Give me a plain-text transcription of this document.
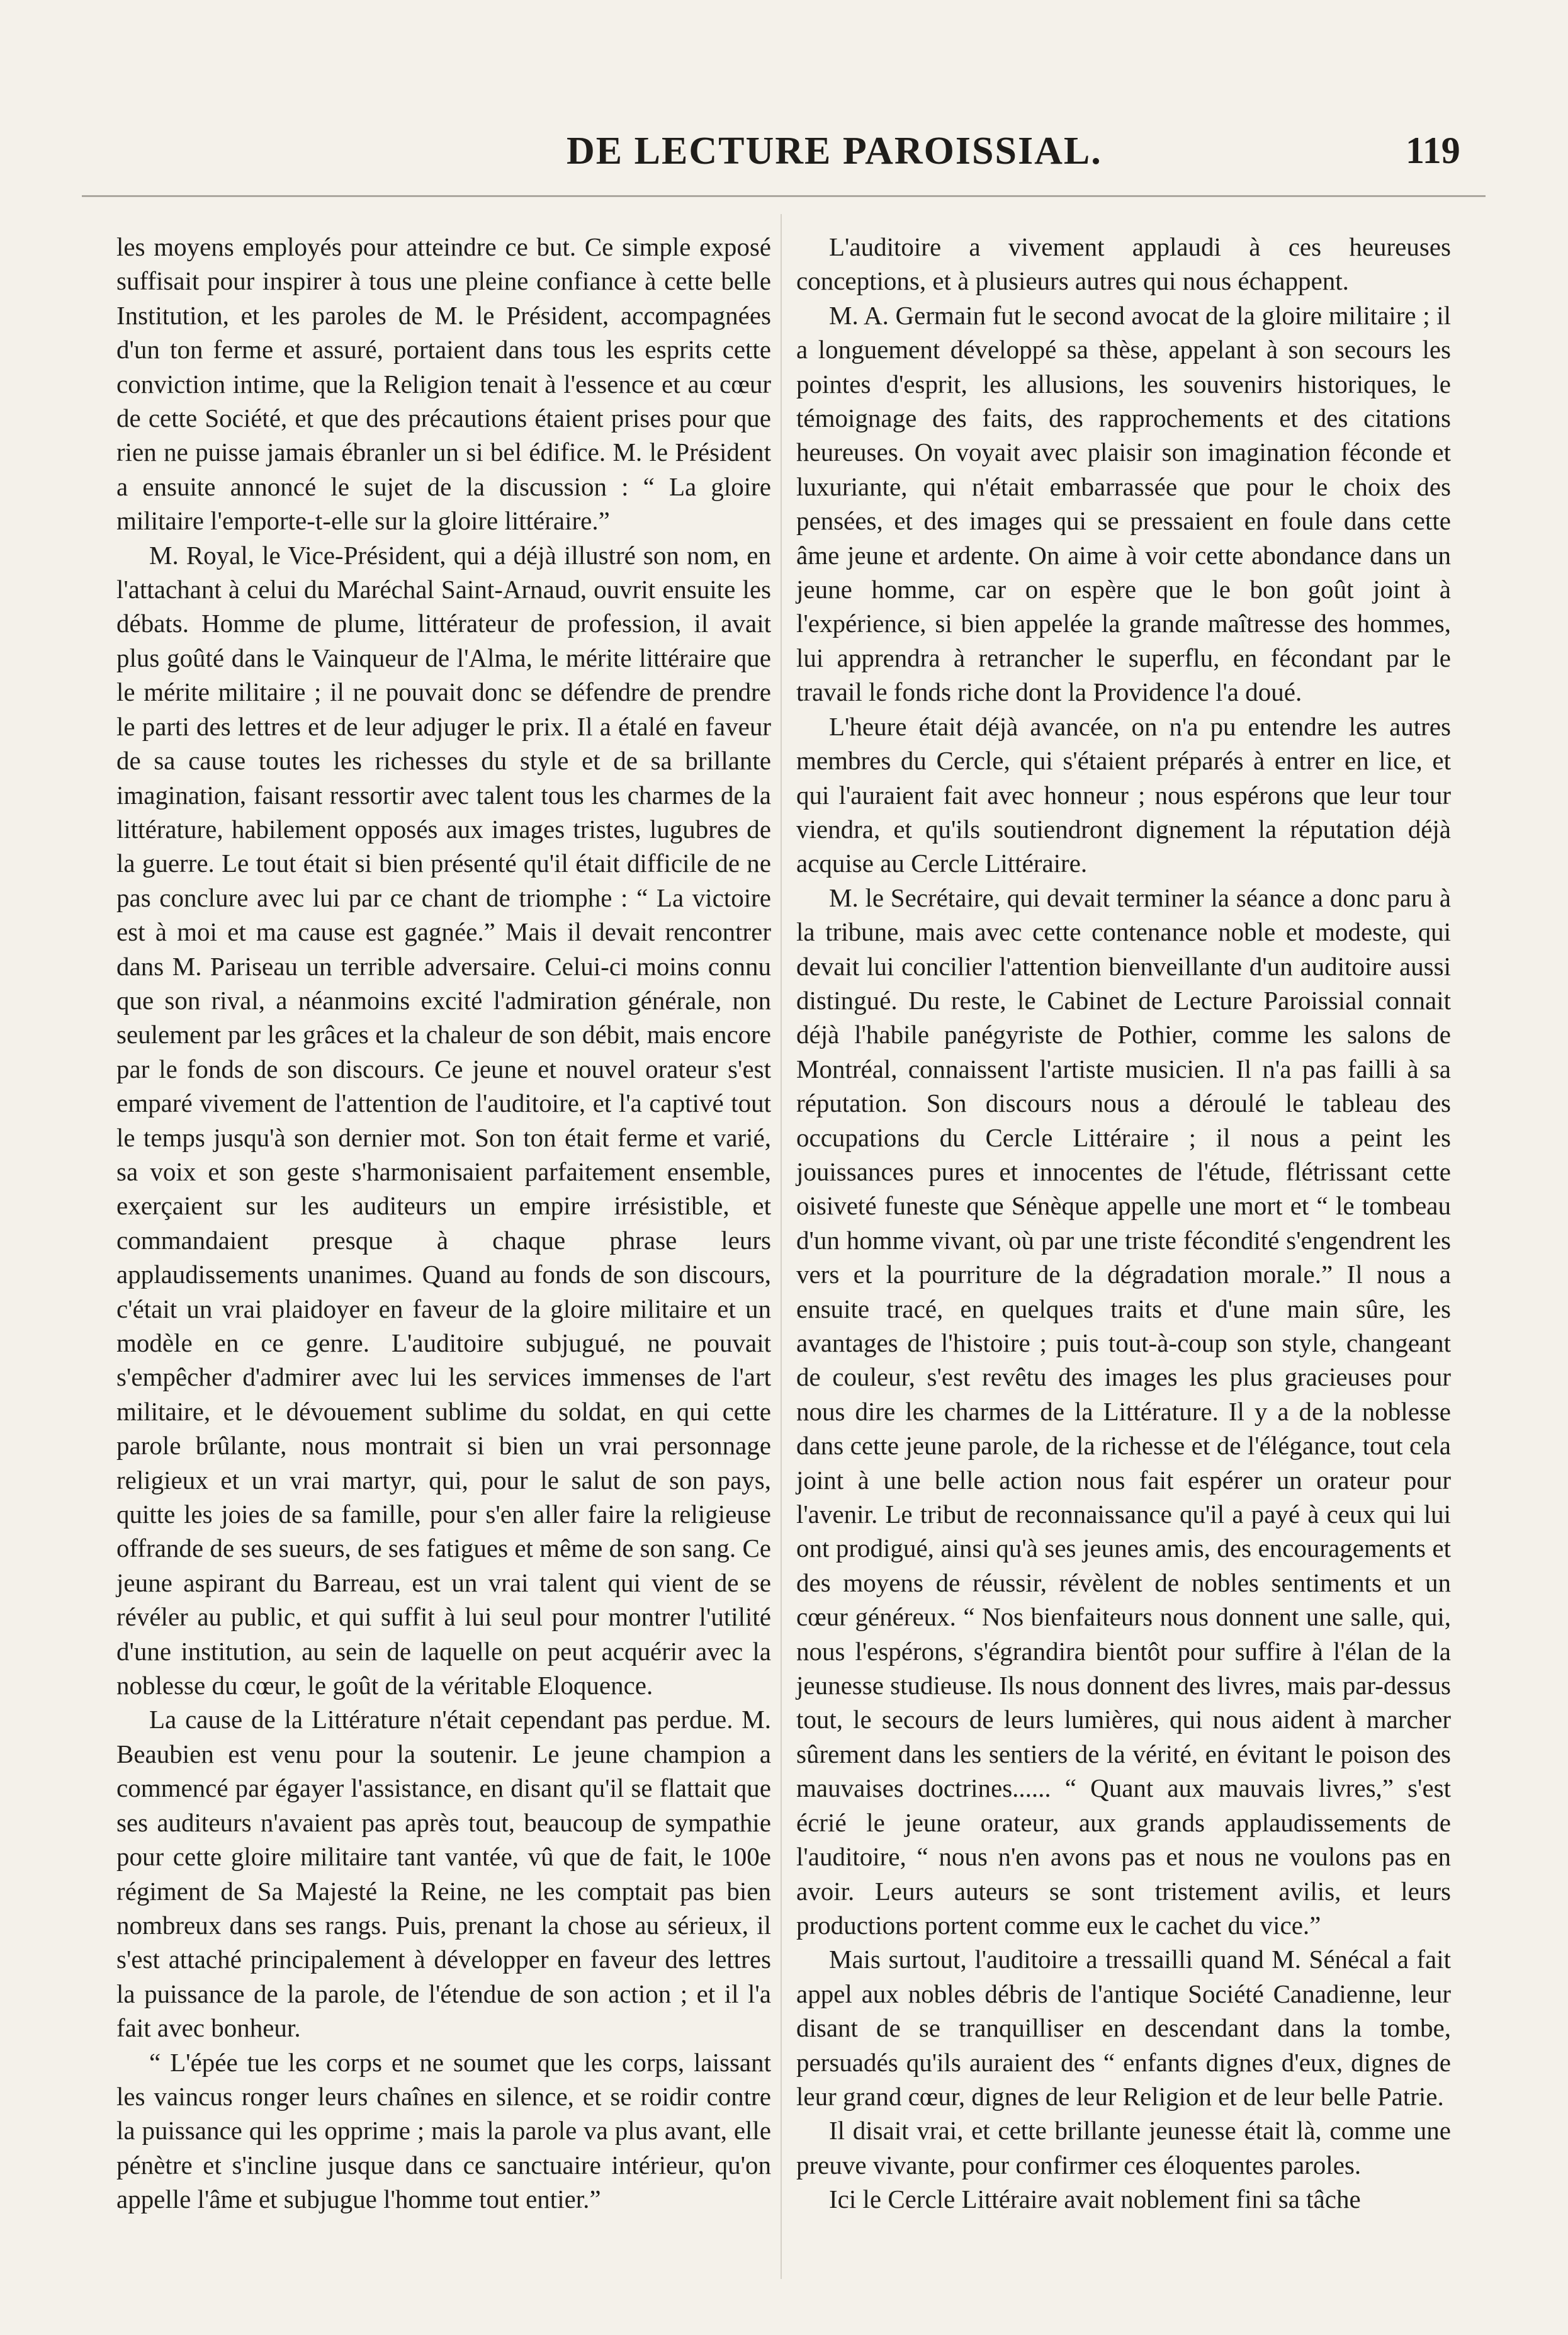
DE LECTURE PAROISSIAL.	119

les moyens employés pour atteindre ce but. Ce simple exposé suffisait pour inspirer à tous une pleine confiance à cette belle Institution, et les paroles de M. le Président, accompagnées d'un ton ferme et assuré, portaient dans tous les esprits cette conviction intime, que la Religion tenait à l'essence et au cœur de cette Société, et que des précautions étaient prises pour que rien ne puisse jamais ébranler un si bel édifice. M. le Président a ensuite annoncé le sujet de la discussion : “ La gloire militaire l'emporte-t-elle sur la gloire littéraire.”

M. Royal, le Vice-Président, qui a déjà illustré son nom, en l'attachant à celui du Maréchal Saint-Arnaud, ouvrit ensuite les débats. Homme de plume, littérateur de profession, il avait plus goûté dans le Vainqueur de l'Alma, le mérite littéraire que le mérite militaire ; il ne pouvait donc se défendre de prendre le parti des lettres et de leur adjuger le prix. Il a étalé en faveur de sa cause toutes les richesses du style et de sa brillante imagination, faisant ressortir avec talent tous les charmes de la littérature, habilement opposés aux images tristes, lugubres de la guerre. Le tout était si bien présenté qu'il était difficile de ne pas conclure avec lui par ce chant de triomphe : “ La victoire est à moi et ma cause est gagnée.” Mais il devait rencontrer dans M. Pariseau un terrible adversaire. Celui-ci moins connu que son rival, a néanmoins excité l'admiration générale, non seulement par les grâces et la chaleur de son débit, mais encore par le fonds de son discours. Ce jeune et nouvel orateur s'est emparé vivement de l'attention de l'auditoire, et l'a captivé tout le temps jusqu'à son dernier mot. Son ton était ferme et varié, sa voix et son geste s'harmonisaient parfaitement ensemble, exerçaient sur les auditeurs un empire irrésistible, et commandaient presque à chaque phrase leurs applaudissements unanimes. Quand au fonds de son discours, c'était un vrai plaidoyer en faveur de la gloire militaire et un modèle en ce genre. L'auditoire subjugué, ne pouvait s'empêcher d'admirer avec lui les services immenses de l'art militaire, et le dévouement sublime du soldat, en qui cette parole brûlante, nous montrait si bien un vrai personnage religieux et un vrai martyr, qui, pour le salut de son pays, quitte les joies de sa famille, pour s'en aller faire la religieuse offrande de ses sueurs, de ses fatigues et même de son sang. Ce jeune aspirant du Barreau, est un vrai talent qui vient de se révéler au public, et qui suffit à lui seul pour montrer l'utilité d'une institution, au sein de laquelle on peut acquérir avec la noblesse du cœur, le goût de la véritable Eloquence.

La cause de la Littérature n'était cependant pas perdue. M. Beaubien est venu pour la soutenir. Le jeune champion a commencé par égayer l'assistance, en disant qu'il se flattait que ses auditeurs n'avaient pas après tout, beaucoup de sympathie pour cette gloire militaire tant vantée, vû que de fait, le 100e régiment de Sa Majesté la Reine, ne les comptait pas bien nombreux dans ses rangs. Puis, prenant la chose au sérieux, il s'est attaché principalement à développer en faveur des lettres la puissance de la parole, de l'étendue de son action ; et il l'a fait avec bonheur.

“ L'épée tue les corps et ne soumet que les corps, laissant les vaincus ronger leurs chaînes en silence, et se roidir contre la puissance qui les opprime ; mais la parole va plus avant, elle pénètre et s'incline jusque dans ce sanctuaire intérieur, qu'on appelle l'âme et subjugue l'homme tout entier.”

L'auditoire a vivement applaudi à ces heureuses conceptions, et à plusieurs autres qui nous échappent.

M. A. Germain fut le second avocat de la gloire militaire ; il a longuement développé sa thèse, appelant à son secours les pointes d'esprit, les allusions, les souvenirs historiques, le témoignage des faits, des rapprochements et des citations heureuses. On voyait avec plaisir son imagination féconde et luxuriante, qui n'était embarrassée que pour le choix des pensées, et des images qui se pressaient en foule dans cette âme jeune et ardente. On aime à voir cette abondance dans un jeune homme, car on espère que le bon goût joint à l'expérience, si bien appelée la grande maîtresse des hommes, lui apprendra à retrancher le superflu, en fécondant par le travail le fonds riche dont la Providence l'a doué.

L'heure était déjà avancée, on n'a pu entendre les autres membres du Cercle, qui s'étaient préparés à entrer en lice, et qui l'auraient fait avec honneur ; nous espérons que leur tour viendra, et qu'ils soutiendront dignement la réputation déjà acquise au Cercle Littéraire.

M. le Secrétaire, qui devait terminer la séance a donc paru à la tribune, mais avec cette contenance noble et modeste, qui devait lui concilier l'attention bienveillante d'un auditoire aussi distingué. Du reste, le Cabinet de Lecture Paroissial connait déjà l'habile panégyriste de Pothier, comme les salons de Montréal, connaissent l'artiste musicien. Il n'a pas failli à sa réputation. Son discours nous a déroulé le tableau des occupations du Cercle Littéraire ; il nous a peint les jouissances pures et innocentes de l'étude, flétrissant cette oisiveté funeste que Sénèque appelle une mort et “ le tombeau d'un homme vivant, où par une triste fécondité s'engendrent les vers et la pourriture de la dégradation morale.” Il nous a ensuite tracé, en quelques traits et d'une main sûre, les avantages de l'histoire ; puis tout-à-coup son style, changeant de couleur, s'est revêtu des images les plus gracieuses pour nous dire les charmes de la Littérature. Il y a de la noblesse dans cette jeune parole, de la richesse et de l'élégance, tout cela joint à une belle action nous fait espérer un orateur pour l'avenir. Le tribut de reconnaissance qu'il a payé à ceux qui lui ont prodigué, ainsi qu'à ses jeunes amis, des encouragements et des moyens de réussir, révèlent de nobles sentiments et un cœur généreux. “ Nos bienfaiteurs nous donnent une salle, qui, nous l'espérons, s'égrandira bientôt pour suffire à l'élan de la jeunesse studieuse. Ils nous donnent des livres, mais par-dessus tout, le secours de leurs lumières, qui nous aident à marcher sûrement dans les sentiers de la vérité, en évitant le poison des mauvaises doctrines...... “ Quant aux mauvais livres,” s'est écrié le jeune orateur, aux grands applaudissements de l'auditoire, “ nous n'en avons pas et nous ne voulons pas en avoir. Leurs auteurs se sont tristement avilis, et leurs productions portent comme eux le cachet du vice.”

Mais surtout, l'auditoire a tressailli quand M. Sénécal a fait appel aux nobles débris de l'antique Société Canadienne, leur disant de se tranquilliser en descendant dans la tombe, persuadés qu'ils auraient des “ enfants dignes d'eux, dignes de leur grand cœur, dignes de leur Religion et de leur belle Patrie.

Il disait vrai, et cette brillante jeunesse était là, comme une preuve vivante, pour confirmer ces éloquentes paroles.

Ici le Cercle Littéraire avait noblement fini sa tâche
